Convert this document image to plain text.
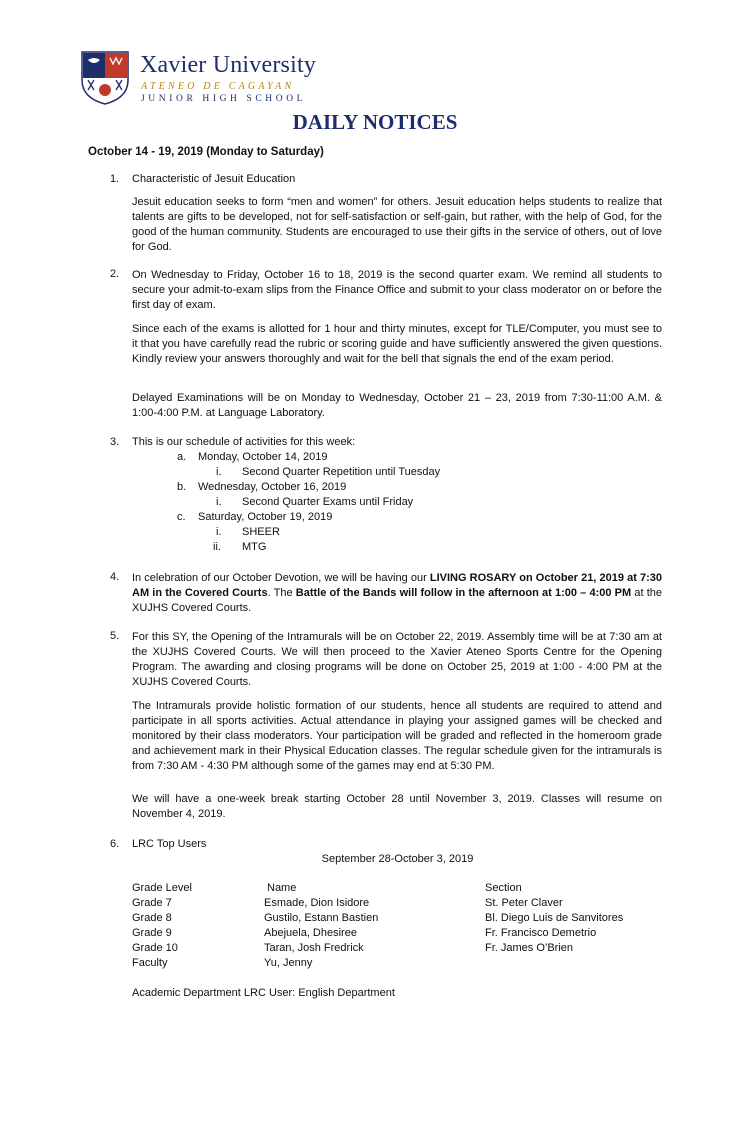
Xavier University
ATENEO DE CAGAYAN
JUNIOR HIGH SCHOOL
DAILY NOTICES
October 14 - 19, 2019 (Monday to Saturday)
1. Characteristic of Jesuit Education
Jesuit education seeks to form “men and women” for others. Jesuit education helps students to realize that talents are gifts to be developed, not for self-satisfaction or self-gain, but rather, with the help of God, for the good of the human community. Students are encouraged to use their gifts in the service of others, out of love for God.
2. On Wednesday to Friday, October 16 to 18, 2019 is the second quarter exam. We remind all students to secure your admit-to-exam slips from the Finance Office and submit to your class moderator on or before the first day of exam.
Since each of the exams is allotted for 1 hour and thirty minutes, except for TLE/Computer, you must see to it that you have carefully read the rubric or scoring guide and have sufficiently answered the given questions. Kindly review your answers thoroughly and wait for the bell that signals the end of the exam period.
Delayed Examinations will be on Monday to Wednesday, October 21 – 23, 2019 from 7:30-11:00 A.M. & 1:00-4:00 P.M. at Language Laboratory.
3. This is our schedule of activities for this week:
a. Monday, October 14, 2019
i. Second Quarter Repetition until Tuesday
b. Wednesday, October 16, 2019
i. Second Quarter Exams until Friday
c. Saturday, October 19, 2019
i. SHEER
ii. MTG
4. In celebration of our October Devotion, we will be having our LIVING ROSARY on October 21, 2019 at 7:30 AM in the Covered Courts. The Battle of the Bands will follow in the afternoon at 1:00 – 4:00 PM at the XUJHS Covered Courts.
5. For this SY, the Opening of the Intramurals will be on October 22, 2019. Assembly time will be at 7:30 am at the XUJHS Covered Courts. We will then proceed to the Xavier Ateneo Sports Centre for the Opening Program. The awarding and closing programs will be done on October 25, 2019 at 1:00 - 4:00 PM at the XUJHS Covered Courts.
The Intramurals provide holistic formation of our students, hence all students are required to attend and participate in all sports activities. Actual attendance in playing your assigned games will be checked and monitored by their class moderators. Your participation will be graded and reflected in the homeroom grade and achievement mark in their Physical Education classes. The regular schedule given for the intramurals is from 7:30 AM - 4:30 PM although some of the games may end at 5:30 PM.
We will have a one-week break starting October 28 until November 3, 2019. Classes will resume on November 4, 2019.
6. LRC Top Users
September 28-October 3, 2019
Grade Level	Name	Section
Grade 7	Esmade, Dion Isidore	St. Peter Claver
Grade 8	Gustilo, Estann Bastien	Bl. Diego Luis de Sanvitores
Grade 9	Abejuela, Dhesiree	Fr. Francisco Demetrio
Grade 10	Taran, Josh Fredrick	Fr. James O’Brien
Faculty	Yu, Jenny
Academic Department LRC User: English Department
